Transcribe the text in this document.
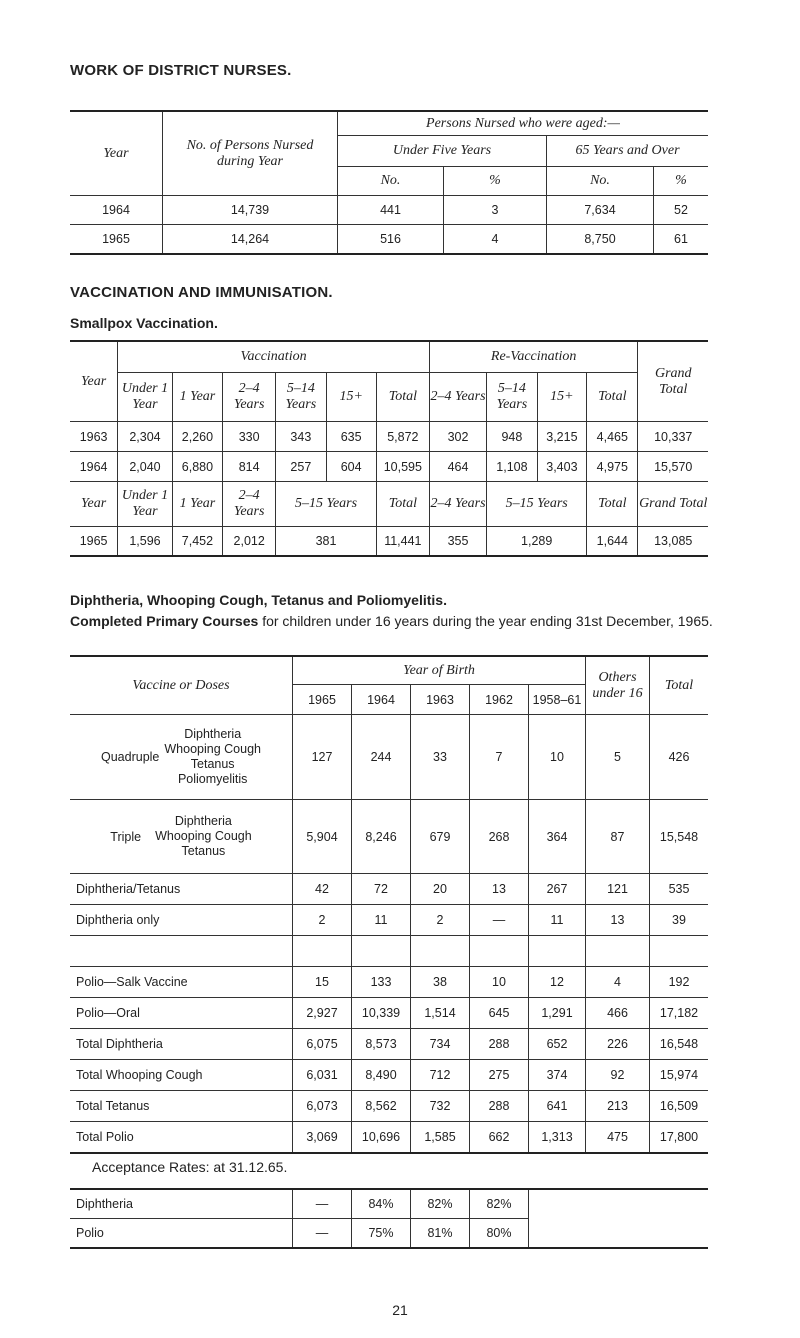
WORK OF DISTRICT NURSES.
Year	No. of Persons Nursed during Year	Persons Nursed who were aged:—			
		Under Five Years		65 Years and Over	
		No.	%	No.	%
1964	14,739	441	3	7,634	52
1965	14,264	516	4	8,750	61
VACCINATION AND IMMUNISATION.
Smallpox Vaccination.
Year	Vaccination						Re-Vaccination				Grand Total
	Under 1 Year	1 Year	2–4 Years	5–14 Years	15+	Total	2–4 Years	5–14 Years	15+	Total	
1963	2,304	2,260	330	343	635	5,872	302	948	3,215	4,465	10,337
1964	2,040	6,880	814	257	604	10,595	464	1,108	3,403	4,975	15,570
Year	Under 1 Year	1 Year	2–4 Years	5–15 Years		Total	2–4 Years	5–15 Years		Total	Grand Total
1965	1,596	7,452	2,012	381		11,441	355	1,289		1,644	13,085
Diphtheria, Whooping Cough, Tetanus and Poliomyelitis.
Completed Primary Courses for children under 16 years during the year ending 31st December, 1965.
Vaccine or Doses	Year of Birth					Others under 16	Total
	1965	1964	1963	1962	1958–61		

Quadruple
Diphtheria
Whooping Cough
Tetanus
Poliomyelitis	127	244	33	7	10	5	426

Triple
Diphtheria
Whooping Cough
Tetanus	5,904	8,246	679	268	364	87	15,548
Diphtheria/Tetanus	42	72	20	13	267	121	535
Diphtheria only	2	11	2	—	11	13	39

Polio—Salk Vaccine	15	133	38	10	12	4	192
Polio—Oral	2,927	10,339	1,514	645	1,291	466	17,182
Total Diphtheria	6,075	8,573	734	288	652	226	16,548
Total Whooping Cough	6,031	8,490	712	275	374	92	15,974
Total Tetanus	6,073	8,562	732	288	641	213	16,509
Total Polio	3,069	10,696	1,585	662	1,313	475	17,800
Acceptance Rates: at 31.12.65.
Diphtheria	—	84%	82%	82%	
Polio	—	75%	81%	80%	
21
